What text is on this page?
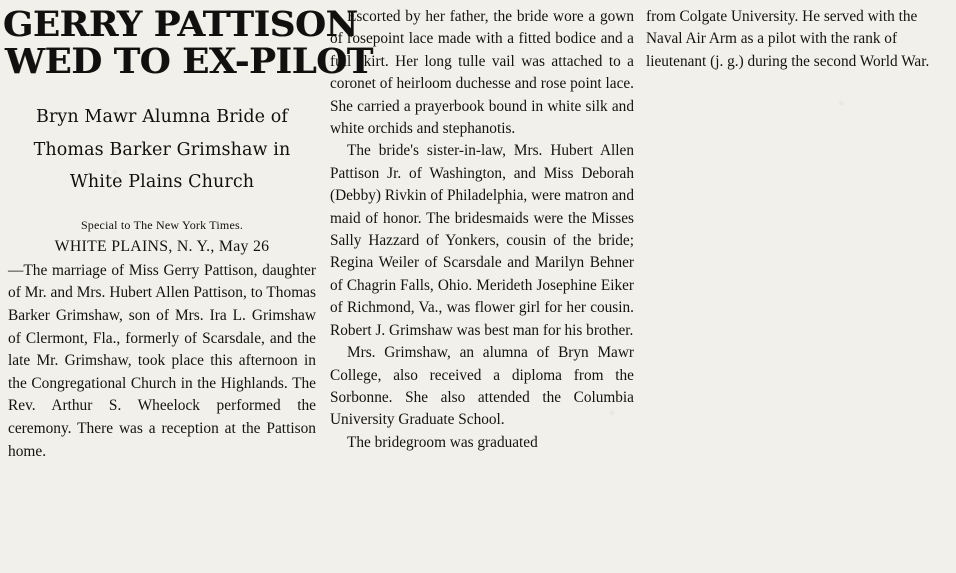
GERRY PATTISON
WED TO EX-PILOT
Bryn Mawr Alumna Bride of
Thomas Barker Grimshaw in
White Plains Church
Special to The New York Times.

WHITE PLAINS, N. Y., May 26
—The marriage of Miss Gerry Pattison, daughter of Mr. and Mrs. Hubert Allen Pattison, to Thomas Barker Grimshaw, son of Mrs. Ira L. Grimshaw of Clermont, Fla., formerly of Scarsdale, and the late Mr. Grimshaw, took place this afternoon in the Congregational Church in the Highlands. The Rev. Arthur S. Wheelock performed the ceremony. There was a reception at the Pattison home.

Escorted by her father, the bride wore a gown of rosepoint lace made with a fitted bodice and a full skirt. Her long tulle vail was attached to a coronet of heirloom duchesse and rose point lace. She carried a prayerbook bound in white silk and white orchids and stephanotis.

The bride's sister-in-law, Mrs. Hubert Allen Pattison Jr. of Washington, and Miss Deborah (Debby) Rivkin of Philadelphia, were matron and maid of honor. The bridesmaids were the Misses Sally Hazzard of Yonkers, cousin of the bride; Regina Weiler of Scarsdale and Marilyn Behner of Chagrin Falls, Ohio. Merideth Josephine Eiker of Richmond, Va., was flower girl for her cousin. Robert J. Grimshaw was best man for his brother.

Mrs. Grimshaw, an alumna of Bryn Mawr College, also received a diploma from the Sorbonne. She also attended the Columbia University Graduate School.

The bridegroom was graduated

from Colgate University. He served with the Naval Air Arm as a pilot with the rank of lieutenant (j. g.) during the second World War.
